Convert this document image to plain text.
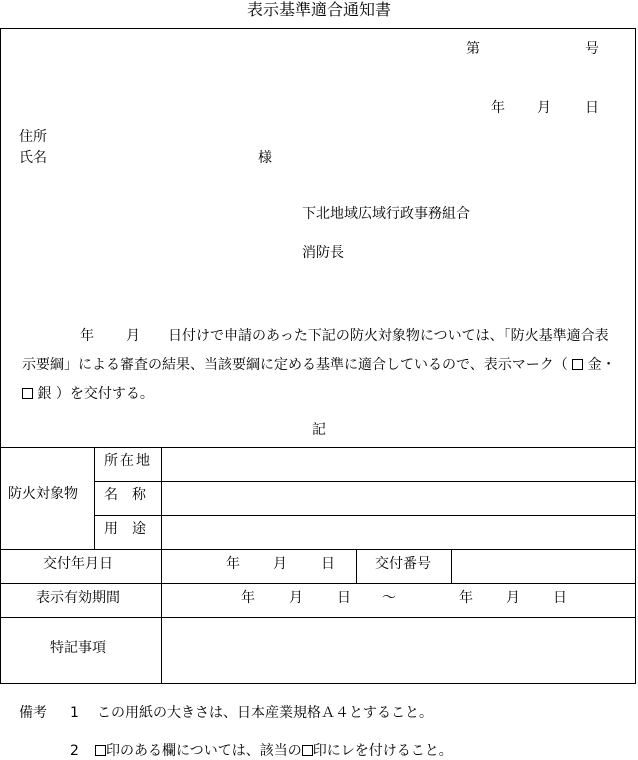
表示基準適合通知書
第	号
年 月 日
住所
氏名	様
下北地域広域行政事務組合
消防長
年 月 日付けで申請のあった下記の防火対象物については、「防火基準適合表示要綱」による審査の結果、当該要綱に定める基準に適合しているので、表示マーク（ 金・  銀 ）を交付する。
記
防火対象物
所在地
名　称
用　途
交付年月日	年 月 日	交付番号
表示有効期間	年 月 日 ～	年 月 日
特記事項
備考 1 この用紙の大きさは、日本産業規格Ａ４とすること。
2	印のある欄については、該当の 印にレを付けること。
